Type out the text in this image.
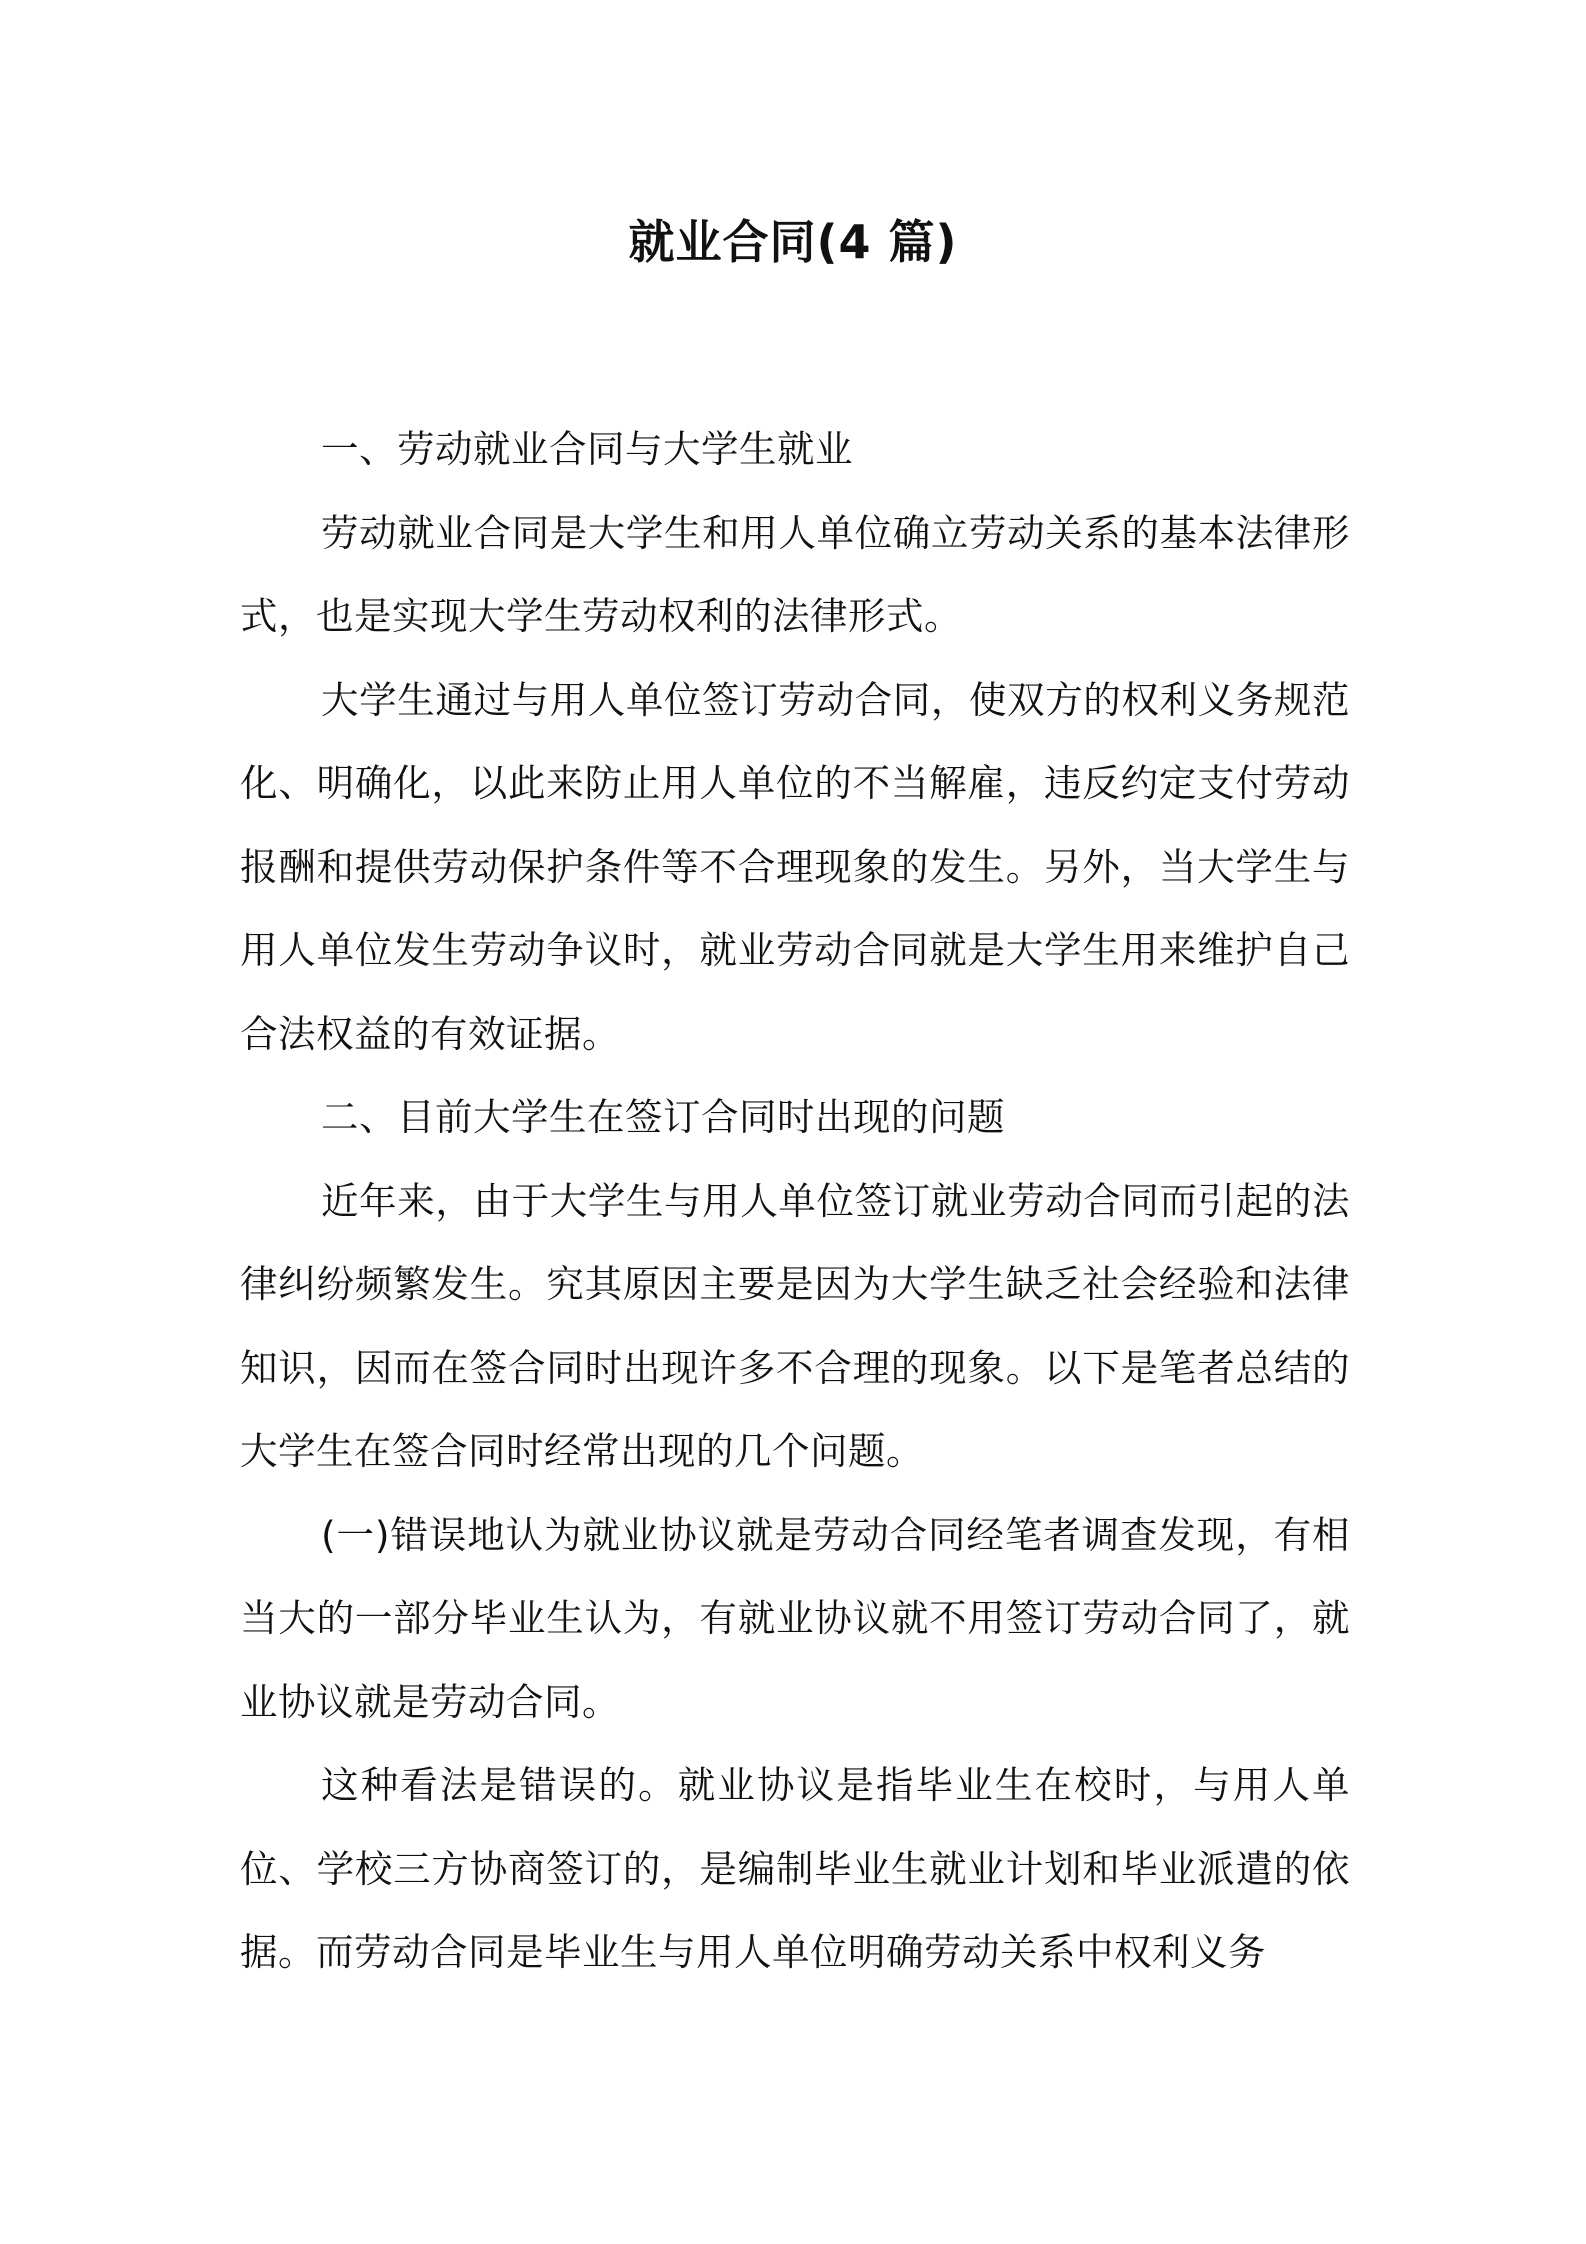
就业合同(4 篇)

一、劳动就业合同与大学生就业

劳动就业合同是大学生和用人单位确立劳动关系的基本法律形式，也是实现大学生劳动权利的法律形式。

大学生通过与用人单位签订劳动合同，使双方的权利义务规范化、明确化，以此来防止用人单位的不当解雇，违反约定支付劳动报酬和提供劳动保护条件等不合理现象的发生。另外，当大学生与用人单位发生劳动争议时，就业劳动合同就是大学生用来维护自己合法权益的有效证据。

二、目前大学生在签订合同时出现的问题

近年来，由于大学生与用人单位签订就业劳动合同而引起的法律纠纷频繁发生。究其原因主要是因为大学生缺乏社会经验和法律知识，因而在签合同时出现许多不合理的现象。以下是笔者总结的大学生在签合同时经常出现的几个问题。

(一)错误地认为就业协议就是劳动合同经笔者调查发现，有相当大的一部分毕业生认为，有就业协议就不用签订劳动合同了，就业协议就是劳动合同。

这种看法是错误的。就业协议是指毕业生在校时，与用人单位、学校三方协商签订的，是编制毕业生就业计划和毕业派遣的依据。而劳动合同是毕业生与用人单位明确劳动关系中权利义务
